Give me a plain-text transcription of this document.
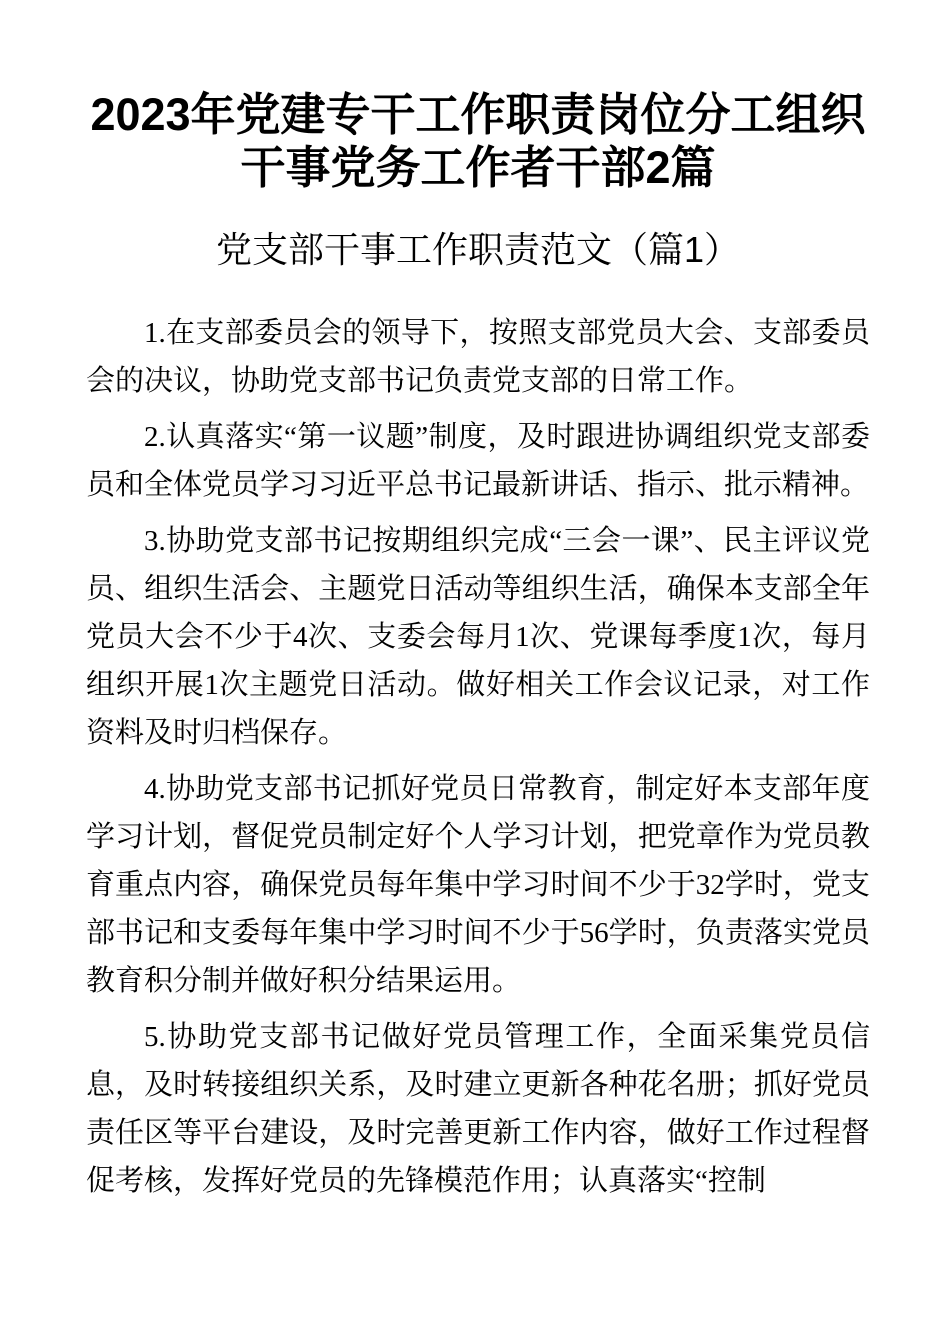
2023年党建专干工作职责岗位分工组织
干事党务工作者干部2篇
党支部干事工作职责范文（篇1）

1.在支部委员会的领导下，按照支部党员大会、支部委员会的决议，协助党支部书记负责党支部的日常工作。

2.认真落实“第一议题”制度，及时跟进协调组织党支部委员和全体党员学习习近平总书记最新讲话、指示、批示精神。

3.协助党支部书记按期组织完成“三会一课”、民主评议党员、组织生活会、主题党日活动等组织生活，确保本支部全年党员大会不少于4次、支委会每月1次、党课每季度1次，每月组织开展1次主题党日活动。做好相关工作会议记录，对工作资料及时归档保存。

4.协助党支部书记抓好党员日常教育，制定好本支部年度学习计划，督促党员制定好个人学习计划，把党章作为党员教育重点内容，确保党员每年集中学习时间不少于32学时，党支部书记和支委每年集中学习时间不少于56学时，负责落实党员教育积分制并做好积分结果运用。

5.协助党支部书记做好党员管理工作，全面采集党员信息，及时转接组织关系，及时建立更新各种花名册；抓好党员责任区等平台建设，及时完善更新工作内容，做好工作过程督促考核，发挥好党员的先锋模范作用；认真落实“控制
